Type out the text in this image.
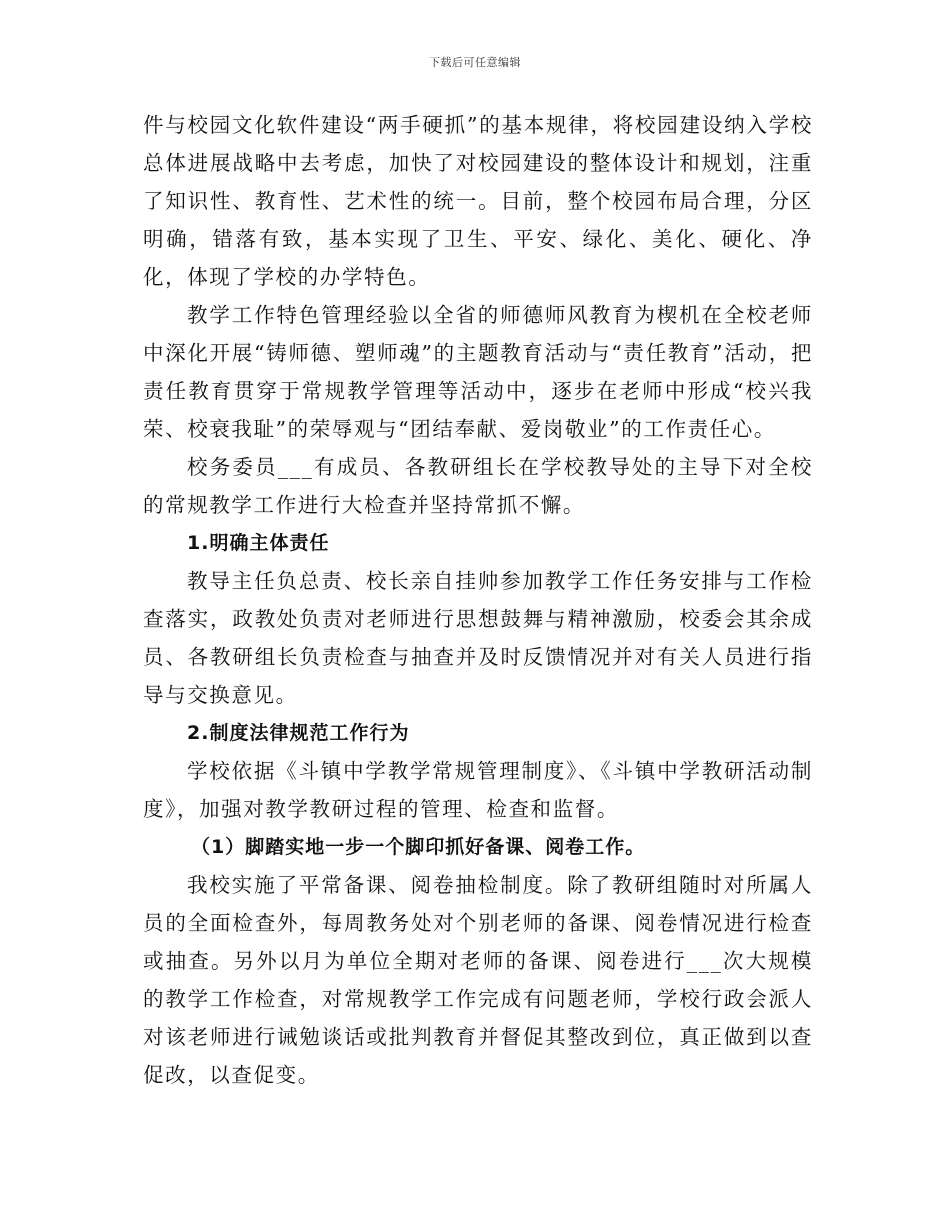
下载后可任意编辑

件与校园文化软件建设“两手硬抓”的基本规律，将校园建设纳入学校总体进展战略中去考虑，加快了对校园建设的整体设计和规划，注重了知识性、教育性、艺术性的统一。目前，整个校园布局合理，分区明确，错落有致，基本实现了卫生、平安、绿化、美化、硬化、净化，体现了学校的办学特色。

教学工作特色管理经验以全省的师德师风教育为楔机在全校老师中深化开展“铸师德、塑师魂”的主题教育活动与“责任教育”活动，把责任教育贯穿于常规教学管理等活动中，逐步在老师中形成“校兴我荣、校衰我耻”的荣辱观与“团结奉献、爱岗敬业”的工作责任心。

校务委员___有成员、各教研组长在学校教导处的主导下对全校的常规教学工作进行大检查并坚持常抓不懈。

1.明确主体责任

教导主任负总责、校长亲自挂帅参加教学工作任务安排与工作检查落实，政教处负责对老师进行思想鼓舞与精神激励，校委会其余成员、各教研组长负责检查与抽查并及时反馈情况并对有关人员进行指导与交换意见。

2.制度法律规范工作行为

学校依据《斗镇中学教学常规管理制度》、《斗镇中学教研活动制度》，加强对教学教研过程的管理、检查和监督。

（1）脚踏实地一步一个脚印抓好备课、阅卷工作。

我校实施了平常备课、阅卷抽检制度。除了教研组随时对所属人员的全面检查外，每周教务处对个别老师的备课、阅卷情况进行检查或抽查。另外以月为单位全期对老师的备课、阅卷进行___次大规模的教学工作检查，对常规教学工作完成有问题老师，学校行政会派人对该老师进行诫勉谈话或批判教育并督促其整改到位，真正做到以查促改，以查促变。
